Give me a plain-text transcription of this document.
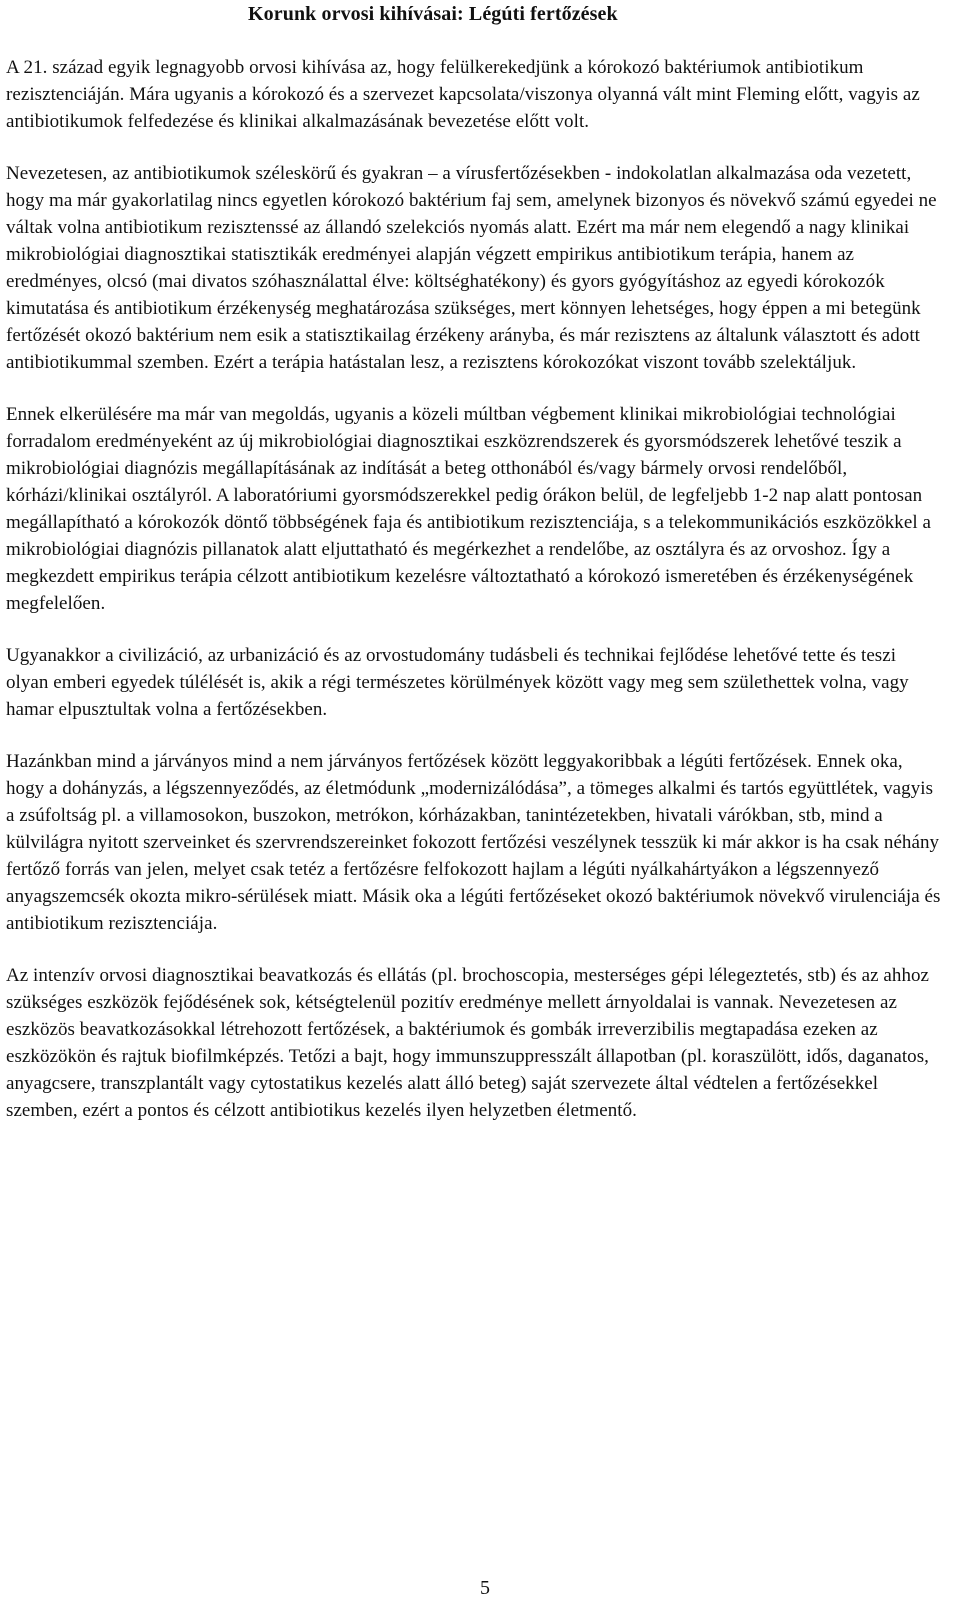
Korunk orvosi kihívásai: Légúti fertőzések

A 21. század egyik legnagyobb orvosi kihívása az, hogy felülkerekedjünk a kórokozó baktériumok antibiotikum rezisztenciáján. Mára ugyanis a kórokozó és a szervezet kapcsolata/viszonya olyanná vált mint Fleming előtt, vagyis az antibiotikumok felfedezése és klinikai alkalmazásának bevezetése előtt volt.

Nevezetesen, az antibiotikumok széleskörű és gyakran – a vírusfertőzésekben - indokolatlan alkalmazása oda vezetett, hogy ma már gyakorlatilag nincs egyetlen kórokozó baktérium faj sem, amelynek bizonyos és növekvő számú egyedei ne váltak volna antibiotikum rezisztenssé az állandó szelekciós nyomás alatt. Ezért ma már nem elegendő a nagy klinikai mikrobiológiai diagnosztikai statisztikák eredményei alapján végzett empirikus antibiotikum terápia, hanem az eredményes, olcsó (mai divatos szóhasználattal élve: költséghatékony) és gyors gyógyításhoz az egyedi kórokozók kimutatása és antibiotikum érzékenység meghatározása szükséges, mert könnyen lehetséges, hogy éppen a mi betegünk fertőzését okozó baktérium nem esik a statisztikailag érzékeny arányba, és már rezisztens az általunk választott és adott antibiotikummal szemben. Ezért a terápia hatástalan lesz, a rezisztens kórokozókat viszont tovább szelektáljuk.

Ennek elkerülésére ma már van megoldás, ugyanis a közeli múltban végbement klinikai mikrobiológiai technológiai forradalom eredményeként az új mikrobiológiai diagnosztikai eszközrendszerek és gyorsmódszerek lehetővé teszik a mikrobiológiai diagnózis megállapításának az indítását a beteg otthonából és/vagy bármely orvosi rendelőből, kórházi/klinikai osztályról. A laboratóriumi gyorsmódszerekkel pedig órákon belül, de legfeljebb 1-2 nap alatt pontosan megállapítható a kórokozók döntő többségének faja és antibiotikum rezisztenciája, s a telekommunikációs eszközökkel a mikrobiológiai diagnózis pillanatok alatt eljuttatható és megérkezhet a rendelőbe, az osztályra és az orvoshoz. Így a megkezdett empirikus terápia célzott antibiotikum kezelésre változtatható a kórokozó ismeretében és érzékenységének megfelelően.

Ugyanakkor a civilizáció, az urbanizáció és az orvostudomány tudásbeli és technikai fejlődése lehetővé tette és teszi olyan emberi egyedek túlélését is, akik a régi természetes körülmények között vagy meg sem születhettek volna, vagy hamar elpusztultak volna a fertőzésekben.

Hazánkban mind a járványos mind a nem járványos fertőzések között leggyakoribbak a légúti fertőzések. Ennek oka, hogy a dohányzás, a légszennyeződés, az életmódunk „modernizálódása”, a tömeges alkalmi és tartós együttlétek, vagyis a zsúfoltság pl. a villamosokon, buszokon, metrókon, kórházakban, tanintézetekben, hivatali várókban, stb, mind a külvilágra nyitott szerveinket és szervrendszereinket fokozott fertőzési veszélynek tesszük ki már akkor is ha csak néhány fertőző forrás van jelen, melyet csak tetéz a fertőzésre felfokozott hajlam a légúti nyálkahártyákon a légszennyező anyagszemcsék okozta mikro-sérülések miatt. Másik oka a légúti fertőzéseket okozó baktériumok növekvő virulenciája és antibiotikum rezisztenciája.

Az intenzív orvosi diagnosztikai beavatkozás és ellátás (pl. brochoscopia, mesterséges gépi lélegeztetés, stb) és az ahhoz szükséges eszközök fejődésének sok, kétségtelenül pozitív eredménye mellett árnyoldalai is vannak. Nevezetesen az eszközös beavatkozásokkal létrehozott fertőzések, a baktériumok és gombák irreverzibilis megtapadása ezeken az eszközökön és rajtuk biofilmképzés. Tetőzi a bajt, hogy immunszuppresszált állapotban (pl. koraszülött, idős, daganatos, anyagcsere, transzplantált vagy cytostatikus kezelés alatt álló beteg) saját szervezete által védtelen a fertőzésekkel szemben, ezért a pontos és célzott antibiotikus kezelés ilyen helyzetben életmentő.

5
